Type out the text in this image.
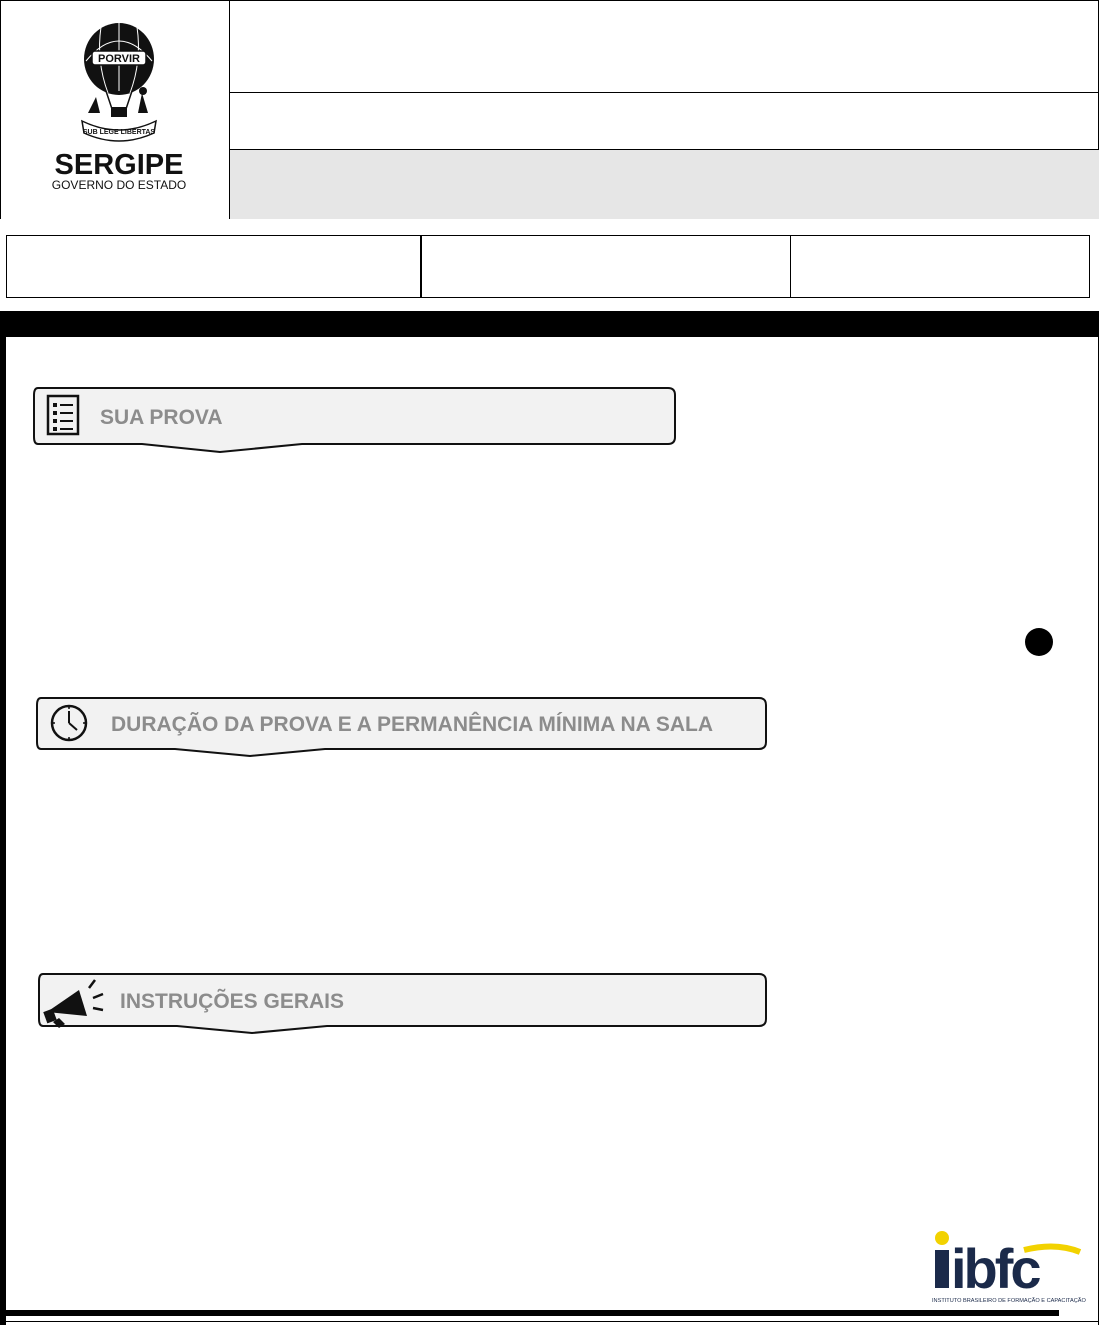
PORVIR
SUB LEGE LIBERTAS
SERGIPE
GOVERNO DO ESTADO
SUA PROVA
DURAÇÃO DA PROVA E A PERMANÊNCIA MÍNIMA NA SALA
INSTRUÇÕES GERAIS
ibfc
INSTITUTO BRASILEIRO DE FORMAÇÃO E CAPACITAÇÃO
